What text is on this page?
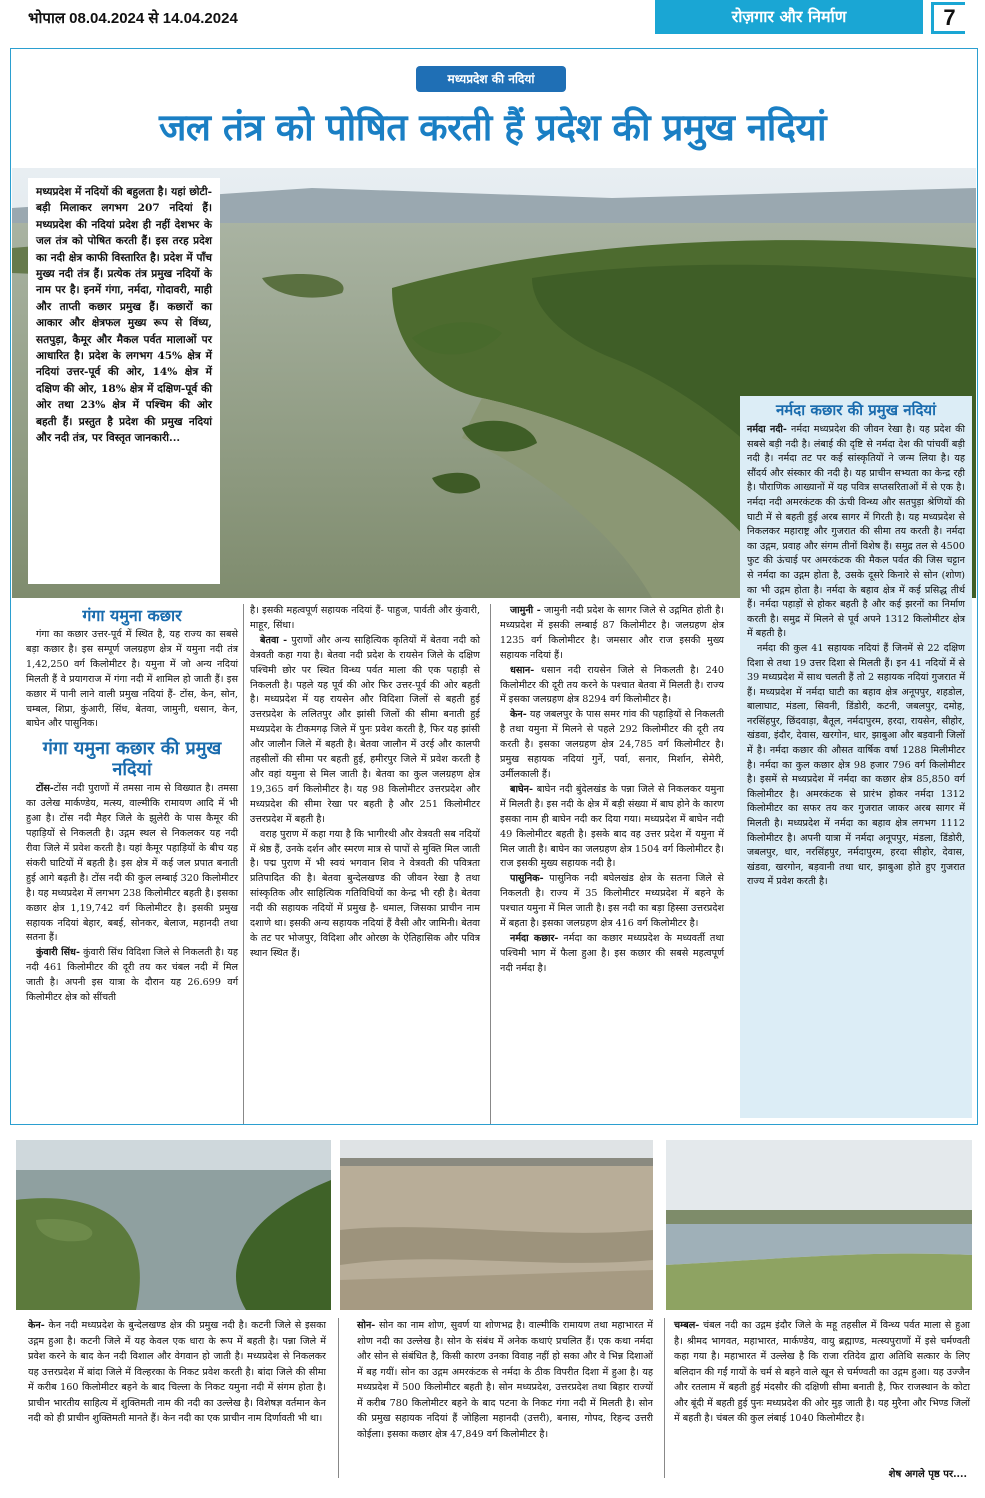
भोपाल 08.04.2024 से 14.04.2024	रोज़गार और निर्माण	7
मध्यप्रदेश की नदियां
जल तंत्र को पोषित करती हैं प्रदेश की प्रमुख नदियां

मध्यप्रदेश में नदियों की बहुलता है। यहां छोटी-बड़ी मिलाकर लगभग 207 नदियां हैं। मध्यप्रदेश की नदियां प्रदेश ही नहीं देशभर के जल तंत्र को पोषित करती हैं। इस तरह प्रदेश का नदी क्षेत्र काफी विस्तारित है। प्रदेश में पाँच मुख्य नदी तंत्र हैं। प्रत्येक तंत्र प्रमुख नदियों के नाम पर है। इनमें गंगा, नर्मदा, गोदावरी, माही और ताप्ती कछार प्रमुख हैं। कछारों का आकार और क्षेत्रफल मुख्य रूप से विंध्य, सतपुड़ा, कैमूर और मैकल पर्वत मालाओं पर आधारित है। प्रदेश के लगभग 45% क्षेत्र में नदियां उत्तर-पूर्व की ओर, 14% क्षेत्र में दक्षिण की ओर, 18% क्षेत्र में दक्षिण-पूर्व की ओर तथा 23% क्षेत्र में पश्चिम की ओर बहती हैं। प्रस्तुत है प्रदेश की प्रमुख नदियां और नदी तंत्र, पर विस्तृत जानकारी...

नर्मदा कछार की प्रमुख नदियां

नर्मदा नदी- नर्मदा मध्यप्रदेश की जीवन रेखा है। यह प्रदेश की सबसे बड़ी नदी है। लंबाई की दृष्टि से नर्मदा देश की पांचवीं बड़ी नदी है। नर्मदा तट पर कई सांस्कृतियों ने जन्म लिया है। यह सौंदर्य और संस्कार की नदी है। यह प्राचीन सभ्यता का केन्द्र रही है। पौराणिक आख्यानों में यह पवित्र सप्तसरिताओं में से एक है। नर्मदा नदी अमरकंटक की ऊंची विन्ध्य और सतपुड़ा श्रेणियों की घाटी में से बहती हुई अरब सागर में गिरती है। यह मध्यप्रदेश से निकलकर महाराष्ट्र और गुजरात की सीमा तय करती है। नर्मदा का उद्गम, प्रवाह और संगम तीनों विशेष हैं। समुद्र तल से 4500 फुट की ऊंचाई पर अमरकंटक की मैकल पर्वत की जिस चट्टान से नर्मदा का उद्गम होता है, उसके दूसरे किनारे से सोन (शोण) का भी उद्गम होता है। नर्मदा के बहाव क्षेत्र में कई प्रसिद्ध तीर्थ हैं। नर्मदा पहाड़ों से होकर बहती है और कई झरनों का निर्माण करती है। समुद्र में मिलने से पूर्व अपने 1312 किलोमीटर क्षेत्र में बहती है।

नर्मदा की कुल 41 सहायक नदियां हैं जिनमें से 22 दक्षिण दिशा से तथा 19 उत्तर दिशा से मिलती हैं। इन 41 नदियों में से 39 मध्यप्रदेश में साथ चलती हैं तो 2 सहायक नदियां गुजरात में हैं। मध्यप्रदेश में नर्मदा घाटी का बहाव क्षेत्र अनूपपुर, शहडोल, बालाघाट, मंडला, सिवनी, डिंडोरी, कटनी, जबलपुर, दमोह, नरसिंहपुर, छिंदवाड़ा, बैतूल, नर्मदापुरम, हरदा, रायसेन, सीहोर, खंडवा, इंदौर, देवास, खरगोन, धार, झाबुआ और बड़वानी जिलों में है। नर्मदा कछार की औसत वार्षिक वर्षा 1288 मिलीमीटर है। नर्मदा का कुल कछार क्षेत्र 98 हजार 796 वर्ग किलोमीटर है। इसमें से मध्यप्रदेश में नर्मदा का कछार क्षेत्र 85,850 वर्ग किलोमीटर है। अमरकंटक से प्रारंभ होकर नर्मदा 1312 किलोमीटर का सफर तय कर गुजरात जाकर अरब सागर में मिलती है। मध्यप्रदेश में नर्मदा का बहाव क्षेत्र लगभग 1112 किलोमीटर है। अपनी यात्रा में नर्मदा अनूपपुर, मंडला, डिंडोरी, जबलपुर, धार, नरसिंहपुर, नर्मदापुरम, हरदा सीहोर, देवास, खंडवा, खरगोन, बड़वानी तथा धार, झाबुआ होते हुए गुजरात राज्य में प्रवेश करती है।

गंगा यमुना कछार

गंगा का कछार उत्तर-पूर्व में स्थित है, यह राज्य का सबसे बड़ा कछार है। इस सम्पूर्ण जलग्रहण क्षेत्र में यमुना नदी तंत्र 1,42,250 वर्ग किलोमीटर है। यमुना में जो अन्य नदियां मिलती हैं वे प्रयागराज में गंगा नदी में शामिल हो जाती हैं। इस कछार में पानी लाने वाली प्रमुख नदियां हैं- टोंस, केन, सोन, चम्बल, शिप्रा, कुंआरी, सिंध, बेतवा, जामुनी, धसान, केन, बाघेन और पासुनिक।

गंगा यमुना कछार की प्रमुख नदियां

टोंस-टोंस नदी पुराणों में तमसा नाम से विख्यात है। तमसा का उलेख मार्कण्डेय, मत्स्य, वाल्मीकि रामायण आदि में भी हुआ है। टोंस नदी मैहर जिले के झुलेरी के पास कैमूर की पहाड़ियों से निकलती है। उद्गम स्थल से निकलकर यह नदी रीवा जिले में प्रवेश करती है। यहां कैमूर पहाड़ियों के बीच यह संकरी घाटियों में बहती है। इस क्षेत्र में कई जल प्रपात बनाती हुई आगे बढ़ती है। टोंस नदी की कुल लम्बाई 320 किलोमीटर है। यह मध्यप्रदेश में लगभग 238 किलोमीटर बहती है। इसका कछार क्षेत्र 1,19,742 वर्ग किलोमीटर है। इसकी प्रमुख सहायक नदियां बेहार, बबई, सोनकर, बेलाज, महानदी तथा सतना हैं।

कुंवारी सिंध- कुंवारी सिंध विदिशा जिले से निकलती है। यह नदी 461 किलोमीटर की दूरी तय कर चंबल नदी में मिल जाती है। अपनी इस यात्रा के दौरान यह 26.699 वर्ग किलोमीटर क्षेत्र को सींचती

है। इसकी महत्वपूर्ण सहायक नदियां हैं- पाहुज, पार्वती और कुंवारी, माहूर, सिंधा।

बेतवा - पुराणों और अन्य साहित्यिक कृतियों में बेतवा नदी को वेत्रवती कहा गया है। बेतवा नदी प्रदेश के रायसेन जिले के दक्षिण पश्चिमी छोर पर स्थित विन्ध्य पर्वत माला की एक पहाड़ी से निकलती है। पहले यह पूर्व की ओर फिर उत्तर-पूर्व की ओर बहती है। मध्यप्रदेश में यह रायसेन और विदिशा जिलों से बहती हुई उत्तरप्रदेश के ललितपुर और झांसी जिलों की सीमा बनाती हुई मध्यप्रदेश के टीकमगढ़ जिले में पुनः प्रवेश करती है, फिर यह झांसी और जालौन जिले में बहती है। बेतवा जालौन में उरई और कालपी तहसीलों की सीमा पर बहती हुई, हमीरपुर जिले में प्रवेश करती है और वहां यमुना से मिल जाती है। बेतवा का कुल जलग्रहण क्षेत्र 19,365 वर्ग किलोमीटर है। यह 98 किलोमीटर उत्तरप्रदेश और मध्यप्रदेश की सीमा रेखा पर बहती है और 251 किलोमीटर उत्तरप्रदेश में बहती है।

वराह पुराण में कहा गया है कि भागीरथी और वेत्रवती सब नदियों में श्रेष्ठ हैं, उनके दर्शन और स्मरण मात्र से पापों से मुक्ति मिल जाती है। पद्म पुराण में भी स्वयं भगवान शिव ने वेत्रवती की पवित्रता प्रतिपादित की है। बेतवा बुन्देलखण्ड की जीवन रेखा है तथा सांस्कृतिक और साहित्यिक गतिविधियों का केन्द्र भी रही है। बेतवा नदी की सहायक नदियों में प्रमुख है- धमाल, जिसका प्राचीन नाम दशाणे था। इसकी अन्य सहायक नदियां हैं वैसी और जामिनी। बेतवा के तट पर भोजपुर, विदिशा और ओरछा के ऐतिहासिक और पवित्र स्थान स्थित हैं।

जामुनी - जामुनी नदी प्रदेश के सागर जिले से उद्गमित होती है। मध्यप्रदेश में इसकी लम्बाई 87 किलोमीटर है। जलग्रहण क्षेत्र 1235 वर्ग किलोमीटर है। जमसार और राज इसकी मुख्य सहायक नदियां हैं।

धसान- धसान नदी रायसेन जिले से निकलती है। 240 किलोमीटर की दूरी तय करने के पश्चात बेतवा में मिलती है। राज्य में इसका जलग्रहण क्षेत्र 8294 वर्ग किलोमीटर है।

केन- यह जबलपुर के पास समर गांव की पहाड़ियों से निकलती है तथा यमुना में मिलने से पहले 292 किलोमीटर की दूरी तय करती है। इसका जलग्रहण क्षेत्र 24,785 वर्ग किलोमीटर है। प्रमुख सहायक नदियां गुर्ने, पर्वा, सनार, मिर्शान, सेमेरी, उर्मीलकाली हैं।

बाघेन- बाघेन नदी बुंदेलखंड के पन्ना जिले से निकलकर यमुना में मिलती है। इस नदी के क्षेत्र में बड़ी संख्या में बाघ होने के कारण इसका नाम ही बाघेन नदी कर दिया गया। मध्यप्रदेश में बाघेन नदी 49 किलोमीटर बहती है। इसके बाद वह उत्तर प्रदेश में यमुना में मिल जाती है। बाघेन का जलग्रहण क्षेत्र 1504 वर्ग किलोमीटर है। राज इसकी मुख्य सहायक नदी है।

पासुनिक- पासुनिक नदी बघेलखंड क्षेत्र के सतना जिले से निकलती है। राज्य में 35 किलोमीटर मध्यप्रदेश में बहने के पश्चात यमुना में मिल जाती है। इस नदी का बड़ा हिस्सा उत्तरप्रदेश में बहता है। इसका जलग्रहण क्षेत्र 416 वर्ग किलोमीटर है।

नर्मदा कछार- नर्मदा का कछार मध्यप्रदेश के मध्यवर्ती तथा पश्चिमी भाग में फैला हुआ है। इस कछार की सबसे महत्वपूर्ण नदी नर्मदा है।

केन- केन नदी मध्यप्रदेश के बुन्देलखण्ड क्षेत्र की प्रमुख नदी है। कटनी जिले से इसका उद्गम हुआ है। कटनी जिले में यह केवल एक धारा के रूप में बहती है। पन्ना जिले में प्रवेश करने के बाद केन नदी विशाल और वेगवान हो जाती है। मध्यप्रदेश से निकलकर यह उत्तरप्रदेश में बांदा जिले में विल्हरका के निकट प्रवेश करती है। बांदा जिले की सीमा में करीब 160 किलोमीटर बहने के बाद चिल्ला के निकट यमुना नदी में संगम होता है। प्राचीन भारतीय साहित्य में शुक्तिमती नाम की नदी का उल्लेख है। विशेषज्ञ वर्तमान केन नदी को ही प्राचीन शुक्तिमती मानते हैं। केन नदी का एक प्राचीन नाम दिर्णावती भी था।
सोन- सोन का नाम शोण, सुवर्ण या शोणभद्र है। वाल्मीकि रामायण तथा महाभारत में शोण नदी का उल्लेख है। सोन के संबंध में अनेक कथाएं प्रचलित हैं। एक कथा नर्मदा और सोन से संबंधित है, किसी कारण उनका विवाह नहीं हो सका और वे भिन्न दिशाओं में बह गयीं। सोन का उद्गम अमरकंटक से नर्मदा के ठीक विपरीत दिशा में हुआ है। यह मध्यप्रदेश में 500 किलोमीटर बहती है। सोन मध्यप्रदेश, उत्तरप्रदेश तथा बिहार राज्यों में करीब 780 किलोमीटर बहने के बाद पटना के निकट गंगा नदी में मिलती है। सोन की प्रमुख सहायक नदियां हैं जोहिला महानदी (उत्तरी), बनास, गोपद, रिहन्द उत्तरी कोईला। इसका कछार क्षेत्र 47,849 वर्ग किलोमीटर है।
चम्बल- चंबल नदी का उद्गम इंदौर जिले के महू तहसील में विन्ध्य पर्वत माला से हुआ है। श्रीमद भागवत, महाभारत, मार्कण्डेय, वायु ब्रह्माण्ड, मत्स्यपुराणों में इसे चर्मण्वती कहा गया है। महाभारत में उल्लेख है कि राजा रतिदेव द्वारा अतिथि सत्कार के लिए बलिदान की गईं गायों के चर्म से बहने वाले खून से चर्मण्वती का उद्गम हुआ। यह उज्जैन और रतलाम में बहती हुई मंदसौर की दक्षिणी सीमा बनाती है, फिर राजस्थान के कोटा और बूंदी में बहती हुई पुनः मध्यप्रदेश की ओर मुड़ जाती है। यह मुरैना और भिण्ड जिलों में बहती है। चंबल की कुल लंबाई 1040 किलोमीटर है।
शेष अगले पृष्ठ पर....
